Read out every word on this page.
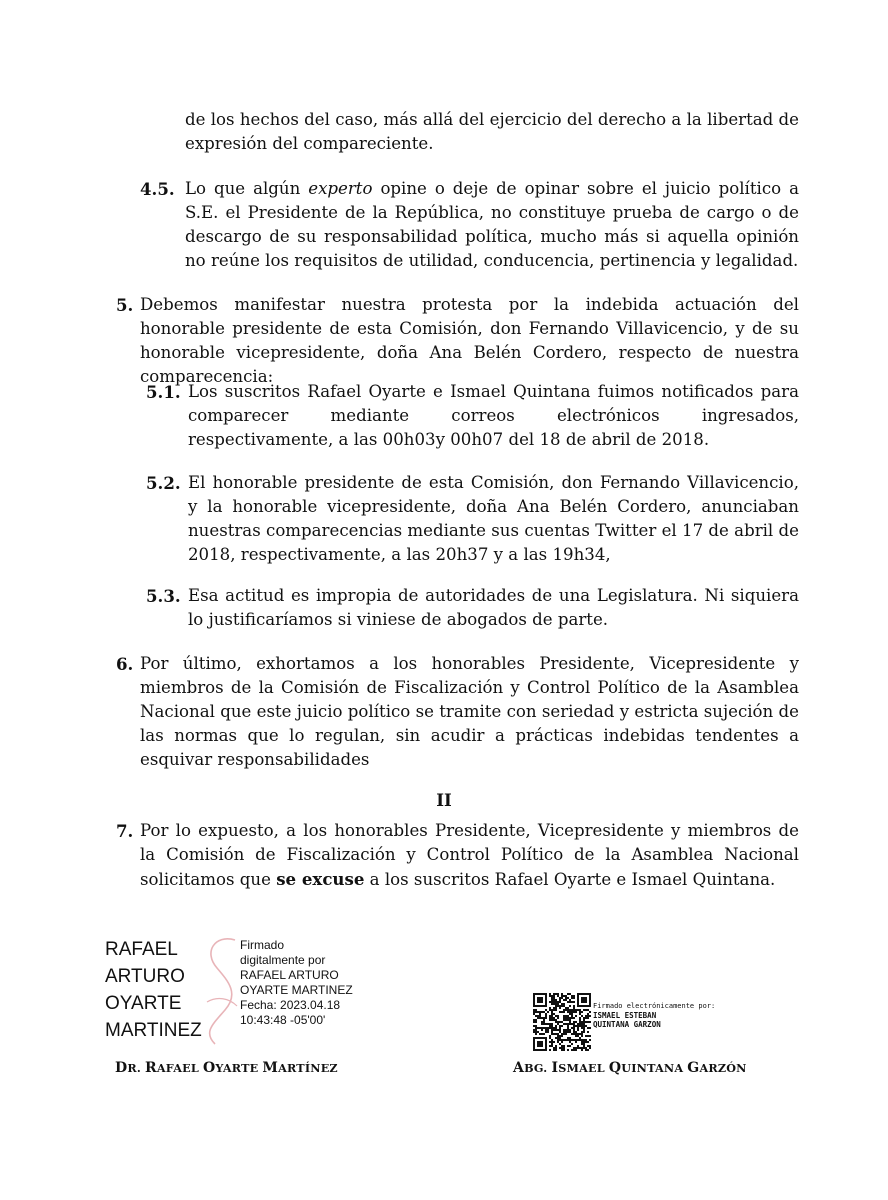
de los hechos del caso, más allá del ejercicio del derecho a la libertad de expresión del compareciente.
4.5. Lo que algún experto opine o deje de opinar sobre el juicio político a S.E. el Presidente de la República, no constituye prueba de cargo o de descargo de su responsabilidad política, mucho más si aquella opinión no reúne los requisitos de utilidad, conducencia, pertinencia y legalidad.
5. Debemos manifestar nuestra protesta por la indebida actuación del honorable presidente de esta Comisión, don Fernando Villavicencio, y de su honorable vicepresidente, doña Ana Belén Cordero, respecto de nuestra comparecencia:
5.1. Los suscritos Rafael Oyarte e Ismael Quintana fuimos notificados para comparecer mediante correos electrónicos ingresados, respectivamente, a las 00h03y 00h07 del 18 de abril de 2018.
5.2. El honorable presidente de esta Comisión, don Fernando Villavicencio, y la honorable vicepresidente, doña Ana Belén Cordero, anunciaban nuestras comparecencias mediante sus cuentas Twitter el 17 de abril de 2018, respectivamente, a las 20h37 y a las 19h34,
5.3. Esa actitud es impropia de autoridades de una Legislatura. Ni siquiera lo justificaríamos si viniese de abogados de parte.
6. Por último, exhortamos a los honorables Presidente, Vicepresidente y miembros de la Comisión de Fiscalización y Control Político de la Asamblea Nacional que este juicio político se tramite con seriedad y estricta sujeción de las normas que lo regulan, sin acudir a prácticas indebidas tendentes a esquivar responsabilidades
II
7. Por lo expuesto, a los honorables Presidente, Vicepresidente y miembros de la Comisión de Fiscalización y Control Político de la Asamblea Nacional solicitamos que se excuse a los suscritos Rafael Oyarte e Ismael Quintana.
RAFAEL
ARTURO
OYARTE
MARTINEZ
Firmado
digitalmente por
RAFAEL ARTURO
OYARTE MARTINEZ
Fecha: 2023.04.18
10:43:48 -05'00'
DR. RAFAEL OYARTE MARTÍNEZ
Firmado electrónicamente por:
ISMAEL ESTEBAN
QUINTANA GARZON
ABG. ISMAEL QUINTANA GARZÓN
